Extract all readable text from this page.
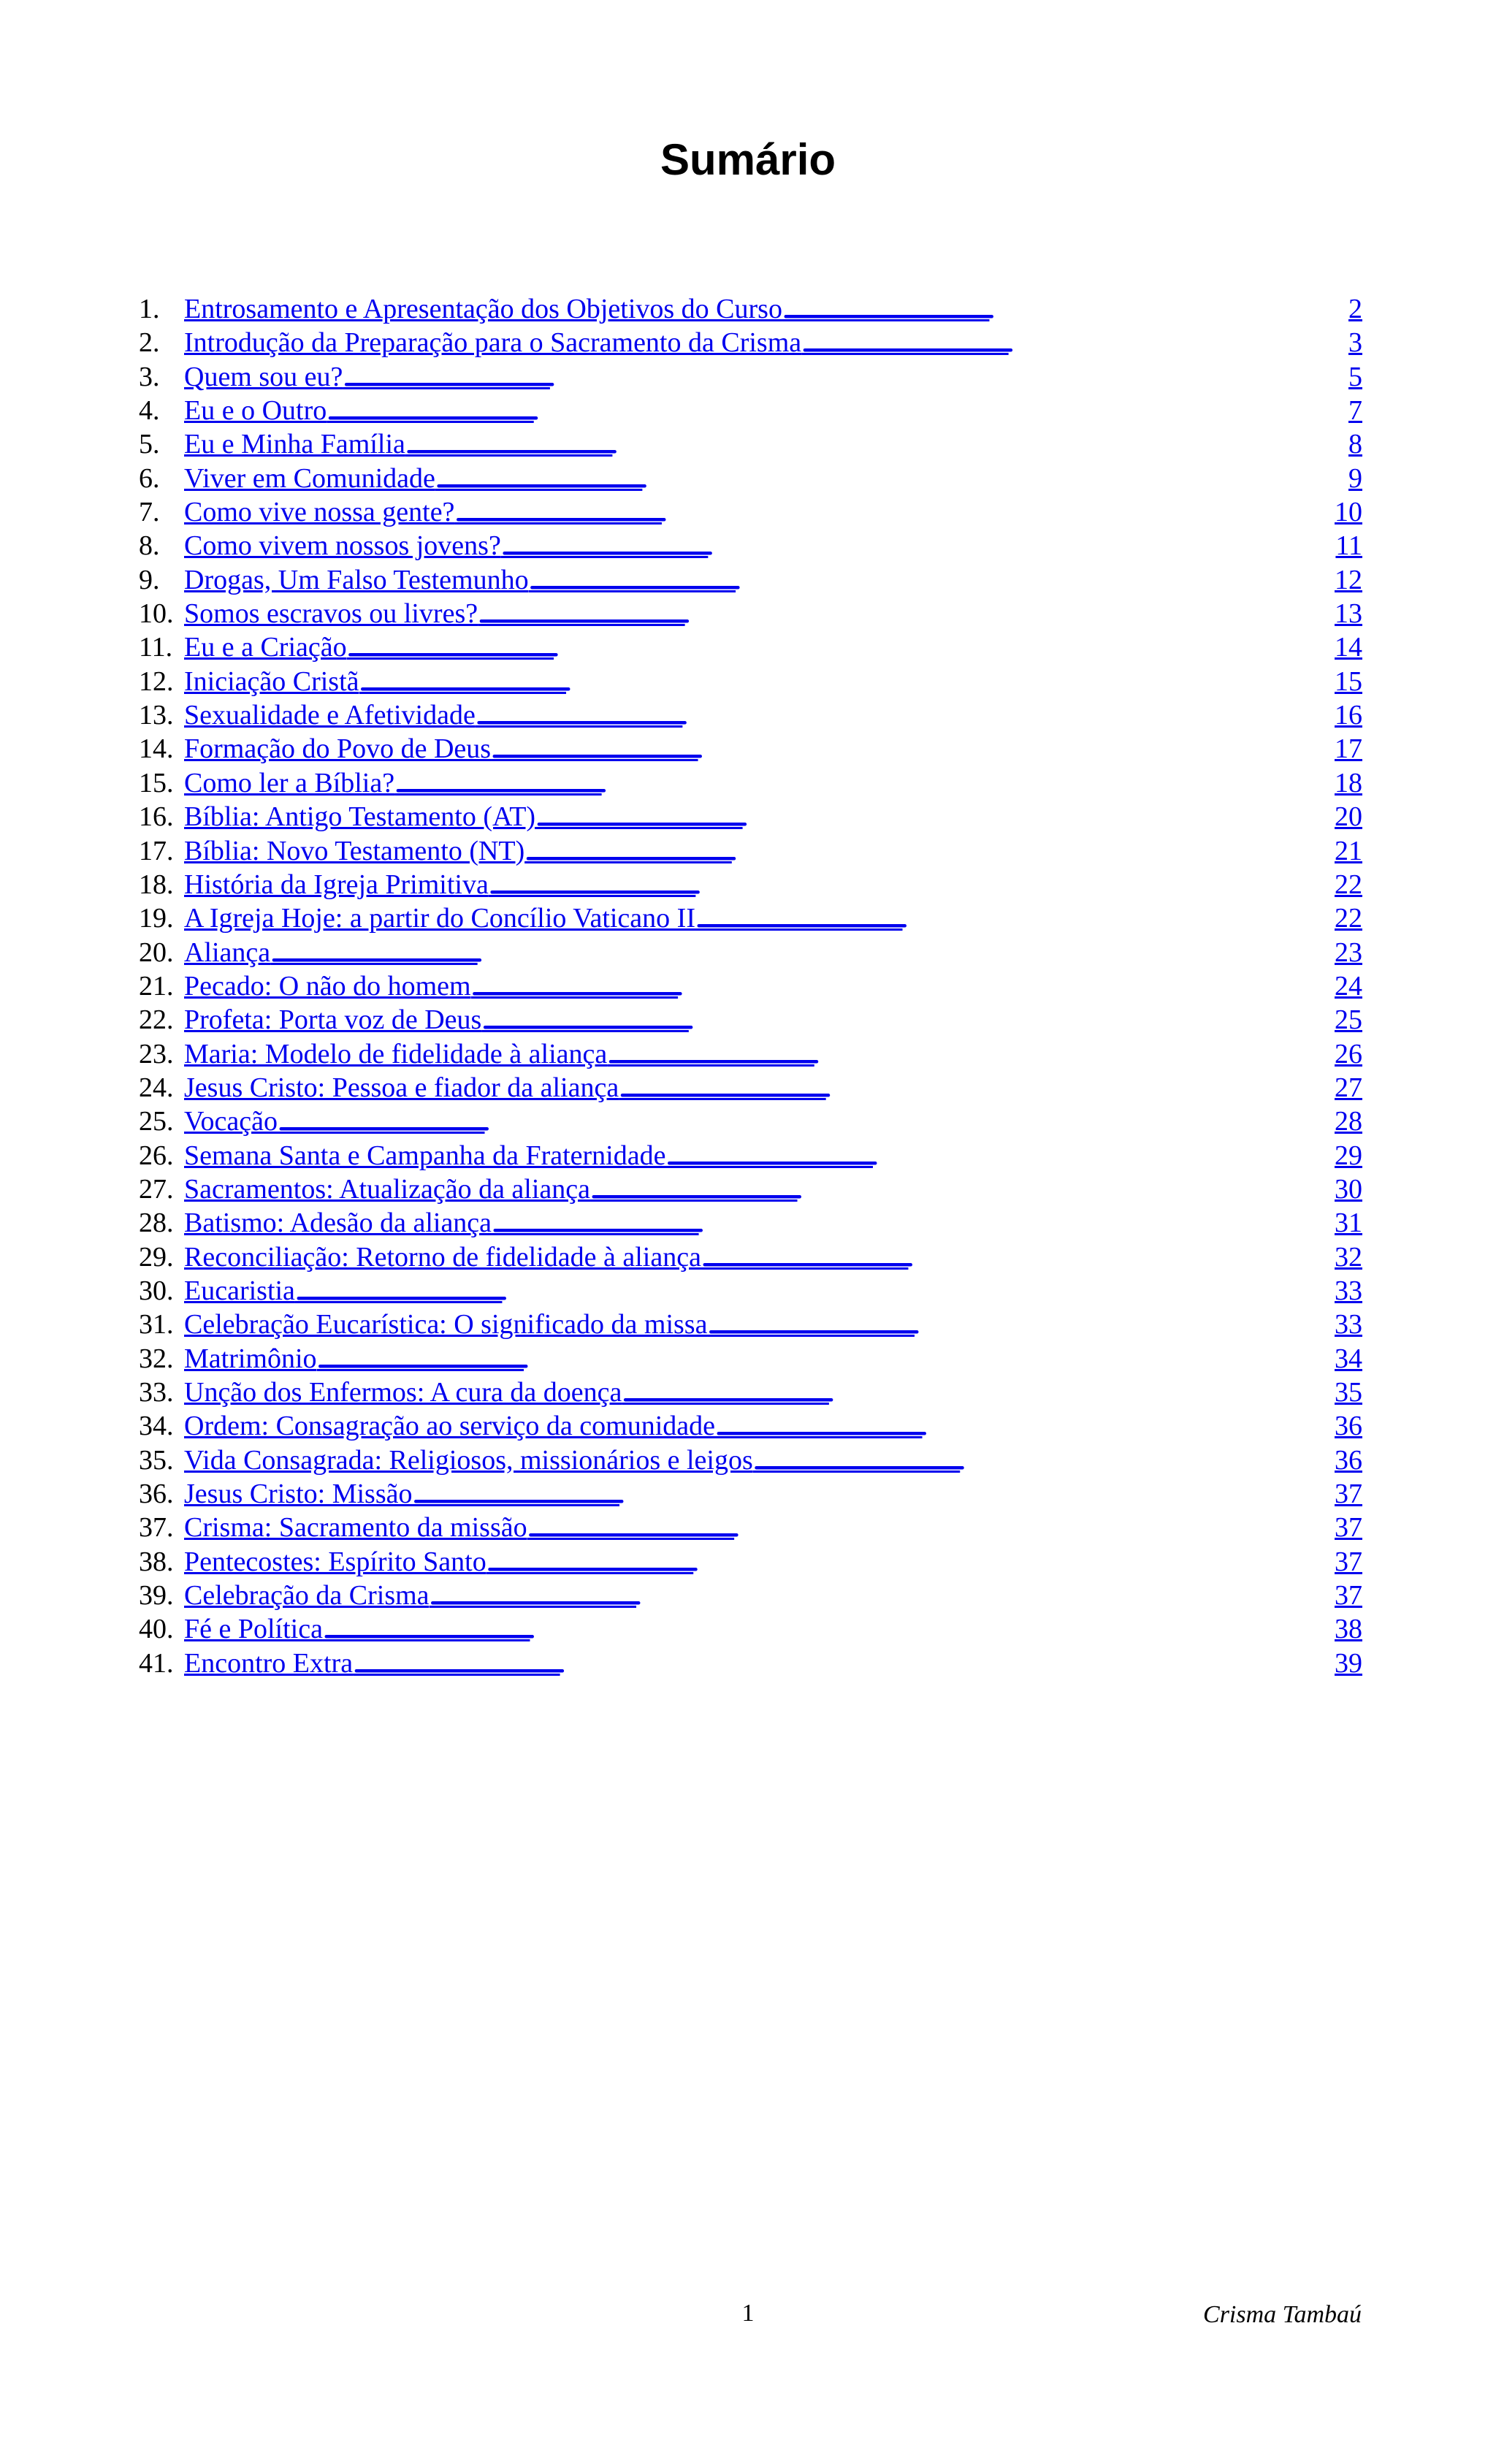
Sumário
1. Entrosamento e Apresentação dos Objetivos do Curso . . .	2
2. Introdução da Preparação para o Sacramento da Crisma . . .	3
3. Quem sou eu? . . .	5
4. Eu e o Outro . . .	7
5. Eu e Minha Família . . .	8
6. Viver em Comunidade . . .	9
7. Como vive nossa gente? . . .	10
8. Como vivem nossos jovens? . . .	11
9. Drogas, Um Falso Testemunho . . .	12
10. Somos escravos ou livres? . . .	13
11. Eu e a Criação . . .	14
12. Iniciação Cristã . . .	15
13. Sexualidade e Afetividade . . .	16
14. Formação do Povo de Deus . . .	17
15. Como ler a Bíblia? . . .	18
16. Bíblia: Antigo Testamento (AT) . . .	20
17. Bíblia: Novo Testamento (NT) . . .	21
18. História da Igreja Primitiva . . .	22
19. A Igreja Hoje: a partir do Concílio Vaticano II . . .	22
20. Aliança . . .	23
21. Pecado: O não do homem . . .	24
22. Profeta: Porta voz de Deus . . .	25
23. Maria: Modelo de fidelidade à aliança . . .	26
24. Jesus Cristo: Pessoa e fiador da aliança . . .	27
25. Vocação . . .	28
26. Semana Santa e Campanha da Fraternidade . . .	29
27. Sacramentos: Atualização da aliança . . .	30
28. Batismo: Adesão da aliança . . .	31
29. Reconciliação: Retorno de fidelidade à aliança . . .	32
30. Eucaristia . . .	33
31. Celebração Eucarística: O significado da missa . . .	33
32. Matrimônio . . .	34
33. Unção dos Enfermos: A cura da doença . . .	35
34. Ordem: Consagração ao serviço da comunidade . . .	36
35. Vida Consagrada: Religiosos, missionários e leigos . . .	36
36. Jesus Cristo: Missão . . .	37
37. Crisma: Sacramento da missão . . .	37
38. Pentecostes: Espírito Santo . . .	37
39. Celebração da Crisma . . .	37
40. Fé e Política . . .	38
41. Encontro Extra . . .	39
1	Crisma Tambaú
